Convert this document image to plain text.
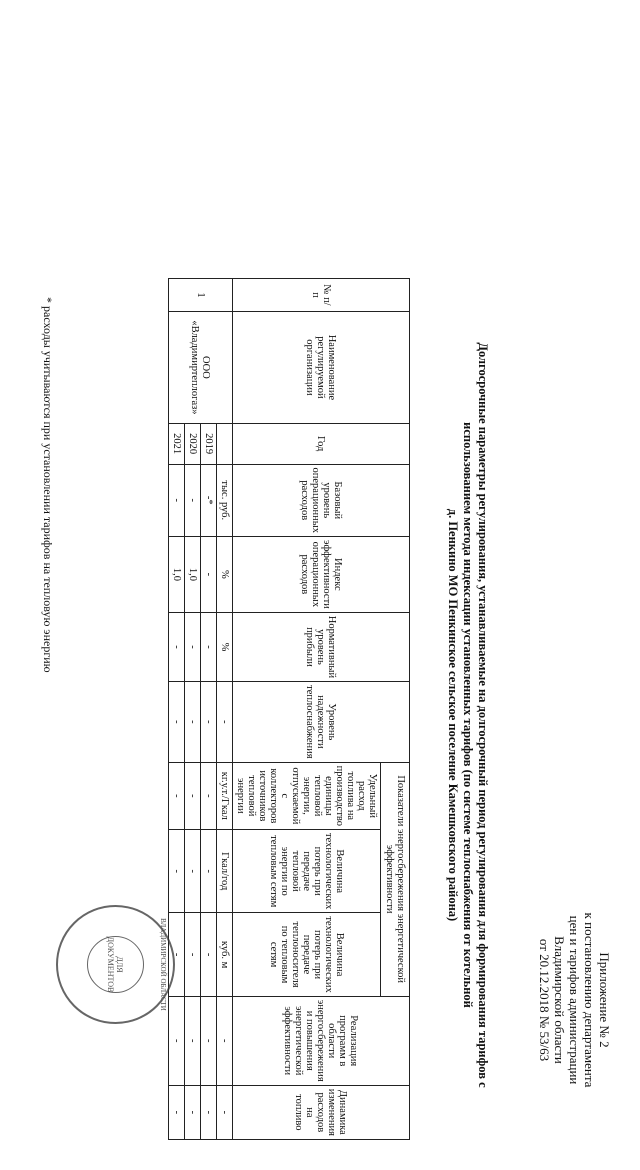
Приложение № 2
к постановлению департамента
цен и тарифов администрации
Владимирской области
от 20.12.2018 № 53/63
Долгосрочные параметры регулирования, устанавливаемые на долгосрочный период регулирования для формирования тарифов с
использованием метода индексации установленных тарифов (по системе теплоснабжения от котельной
д. Пенкино МО Пенкинское сельское поселение Камешковского района)
№ п/п	Наименование регулируемой организации	Год	Базовый уровень операционных расходов	Индекс эффективности операционных расходов	Нормативный уровень прибыли	Уровень надежности теплоснабжения	Показатели энергосбережения энергетической эффективности			Реализация программ в области энергосбережения и повышения энергетической эффективности	Динамика изменения расходов на топливо
							Удельный расход топлива на производство единицы тепловой энергии, отпускаемой с коллекторов источников тепловой энергии	Величина технологических потерь при передаче тепловой энергии по тепловым сетям	Величина технологических потерь при передаче теплоносителя по тепловым сетям		
1	ООО «Владимиртеплогаз»		тыс. руб.	%	%	-	кг.у.т./Гкал	Гкал/год	куб. м	-	-
		2019	-*	-	-	-	-	-	-	-	-
		2020	-	1,0	-	-	-	-	-	-	-
		2021	-	1,0	-	-	-	-	-	-	-
ВЛАДИМИРСКОЙ ОБЛАСТИ
ДЛЯ ДОКУМЕНТОВ
* расходы учитываются при установлении тарифов на тепловую энергию
